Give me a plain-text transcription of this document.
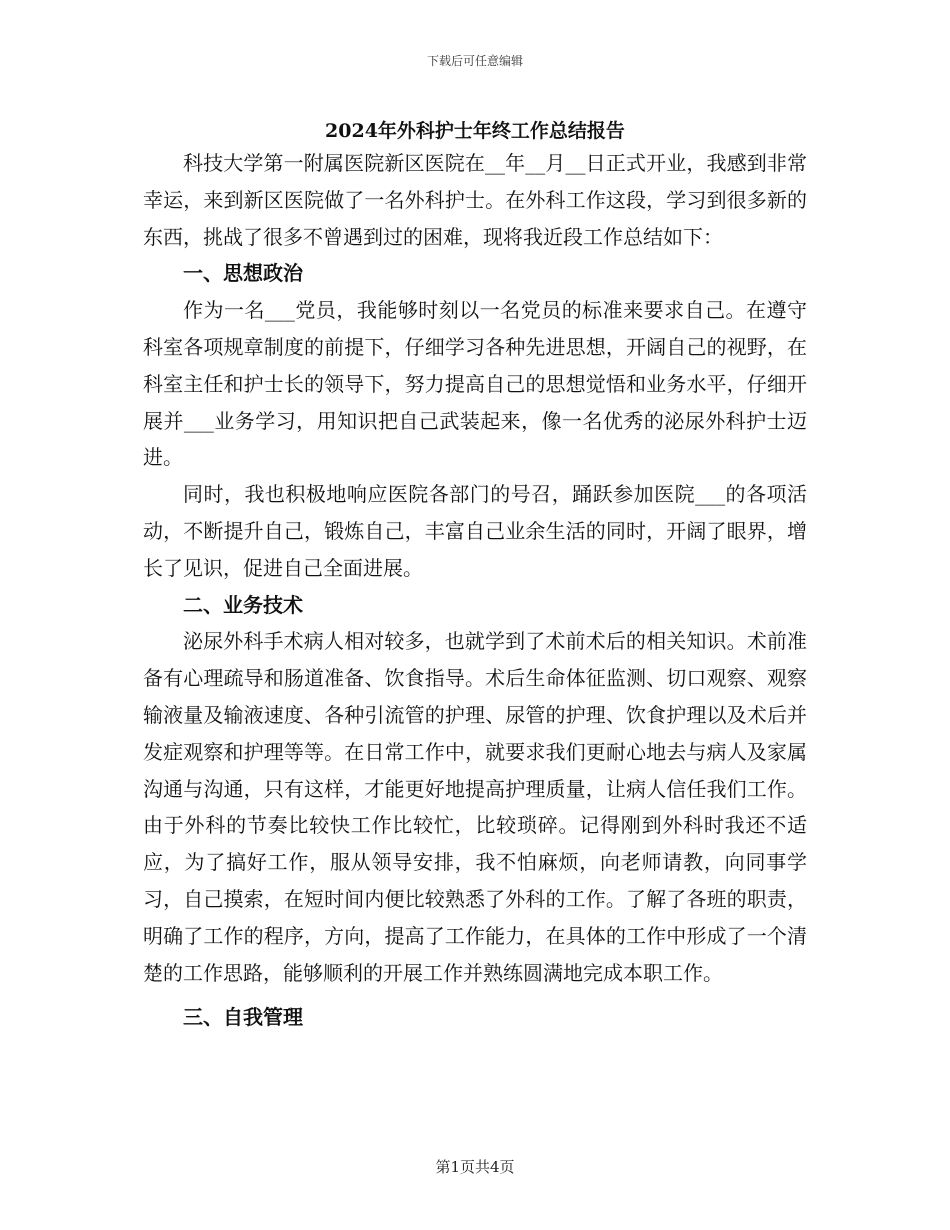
下载后可任意编辑
2024年外科护士年终工作总结报告

科技大学第一附属医院新区医院在__年__月__日正式开业，我感到非常幸运，来到新区医院做了一名外科护士。在外科工作这段，学习到很多新的东西，挑战了很多不曾遇到过的困难，现将我近段工作总结如下：

一、思想政治

作为一名___党员，我能够时刻以一名党员的标准来要求自己。在遵守科室各项规章制度的前提下，仔细学习各种先进思想，开阔自己的视野，在科室主任和护士长的领导下，努力提高自己的思想觉悟和业务水平，仔细开展并___业务学习，用知识把自己武装起来，像一名优秀的泌尿外科护士迈进。

同时，我也积极地响应医院各部门的号召，踊跃参加医院___的各项活动，不断提升自己，锻炼自己，丰富自己业余生活的同时，开阔了眼界，增长了见识，促进自己全面进展。

二、业务技术

泌尿外科手术病人相对较多，也就学到了术前术后的相关知识。术前准备有心理疏导和肠道准备、饮食指导。术后生命体征监测、切口观察、观察输液量及输液速度、各种引流管的护理、尿管的护理、饮食护理以及术后并发症观察和护理等等。在日常工作中，就要求我们更耐心地去与病人及家属沟通与沟通，只有这样，才能更好地提高护理质量，让病人信任我们工作。由于外科的节奏比较快工作比较忙，比较琐碎。记得刚到外科时我还不适应，为了搞好工作，服从领导安排，我不怕麻烦，向老师请教，向同事学习，自己摸索，在短时间内便比较熟悉了外科的工作。了解了各班的职责，明确了工作的程序，方向，提高了工作能力，在具体的工作中形成了一个清楚的工作思路，能够顺利的开展工作并熟练圆满地完成本职工作。

三、自我管理
第1页共4页
